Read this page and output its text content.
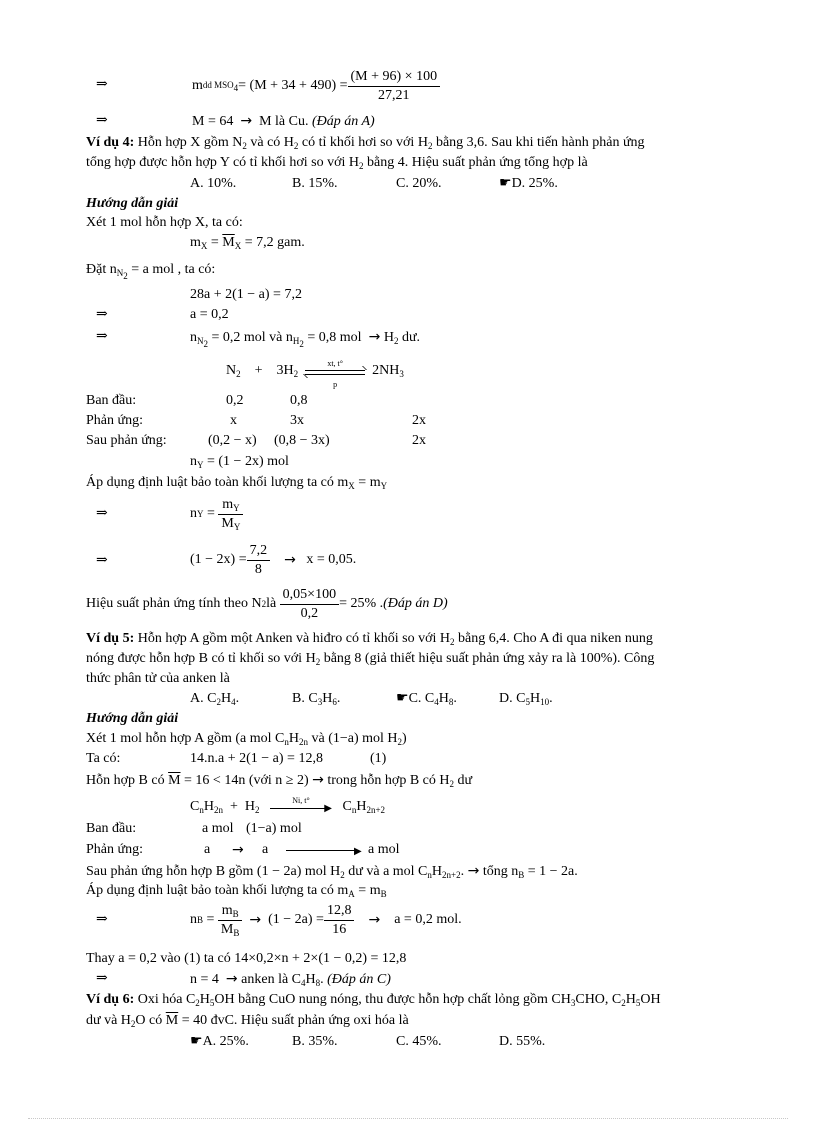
⇒	m dd $MSO_4 = (M + 34 + 490) = \frac{(M + 96) \times 100}{27,21}$
⇒	M = 64 →  M là Cu. (Đáp án A)
Ví dụ 4: Hỗn hợp X gồm $N_2$ và có $H_2$ có tỉ khối hơi so với $H_2$ bằng 3,6. Sau khi tiến hành phản ứng
tổng hợp được hỗn hợp Y có tỉ khối hơi so với $H_2$ bằng 4. Hiệu suất phản ứng tổng hợp là
A. 10%.	B. 15%.	C. 20%.	☛D. 25%.
Hướng dẫn giải
Xét 1 mol hỗn hợp X, ta có:
$m_X = \overline{M}_X = 7,2$ gam.
Đặt $n_{N_2} = a$ mol , ta có:
28a + 2(1 − a) = 7,2
⇒	a = 0,2
⇒	$n_{N_2} = 0,2$ mol và $n_{H_2} = 0,8$ mol → $H_2$ dư.
$N_2$    +    $3H_2$
xt, t°
p
$2NH_3$
Ban đầu:	0,2	0,8
Phản ứng:	x	3x	2x
Sau phản ứng:	(0,2 − x) (0,8 − 3x)	2x
$n_Y = (1 - 2x)$ mol
Áp dụng định luật bảo toàn khối lượng ta có $m_X = m_Y$
⇒	n $Y = \frac{m_Y}{M_Y}$
⇒	$(1 - 2x) = \frac{7,2}{8}$
→
x = 0,05.
Hiệu suất phản ứng tính theo N 2 là
$\frac{0,05\times 100}{0,2} = 25\%$ . (Đáp án D)
Ví dụ 5: Hỗn hợp A gồm một Anken và hiđro có tỉ khối so với $H_2$ bằng 6,4. Cho A đi qua niken nung
nóng được hỗn hợp B có tỉ khối so với $H_2$ bằng 8 (giả thiết hiệu suất phản ứng xảy ra là 100%). Công
thức phân tử của anken là
A. $C_2H_4$.	B. $C_3H_6$.	☛C. $C_4H_8$.	D. $C_5H_{10}$.
Hướng dẫn giải
Xét 1 mol hỗn hợp A gồm (a mol $C_nH_{2n}$ và (1−a) mol $H_2$)
Ta có:	14.n.a + 2(1 − a) = 12,8	(1)
Hỗn hợp B có $\overline{M} = 16 < 14n$ (với n ≥ 2) → trong hỗn hợp B có $H_2$ dư
$C_nH_{2n} + H_2$
Ni, t°
▶ $C_nH_{2n+2}$
Ban đầu:	a mol (1−a) mol
Phản ứng:	a → a	▶ a mol
Sau phản ứng hỗn hợp B gồm (1 − 2a) mol $H_2$ dư và a mol $C_nH_{2n+2}$. → tổng $n_B = 1 - 2a$.
Áp dụng định luật bảo toàn khối lượng ta có $m_A = m_B$
⇒	n $B = \frac{m_B}{M_B}$
→
$(1 - 2a) = \frac{12,8}{16}$
→
a = 0,2 mol.
Thay a = 0,2 vào (1) ta có 14×0,2×n + 2×(1 − 0,2) = 12,8
⇒	n = 4 → anken là $C_4H_8$. (Đáp án C)
Ví dụ 6: Oxi hóa $C_2H_5OH$ bằng CuO nung nóng, thu được hỗn hợp chất lỏng gồm $CH_3CHO$, $C_2H_5OH$
dư và $H_2O$ có $\overline{M} = 40$ đvC. Hiệu suất phản ứng oxi hóa là
☛A. 25%.	B. 35%.	C. 45%.	D. 55%.
